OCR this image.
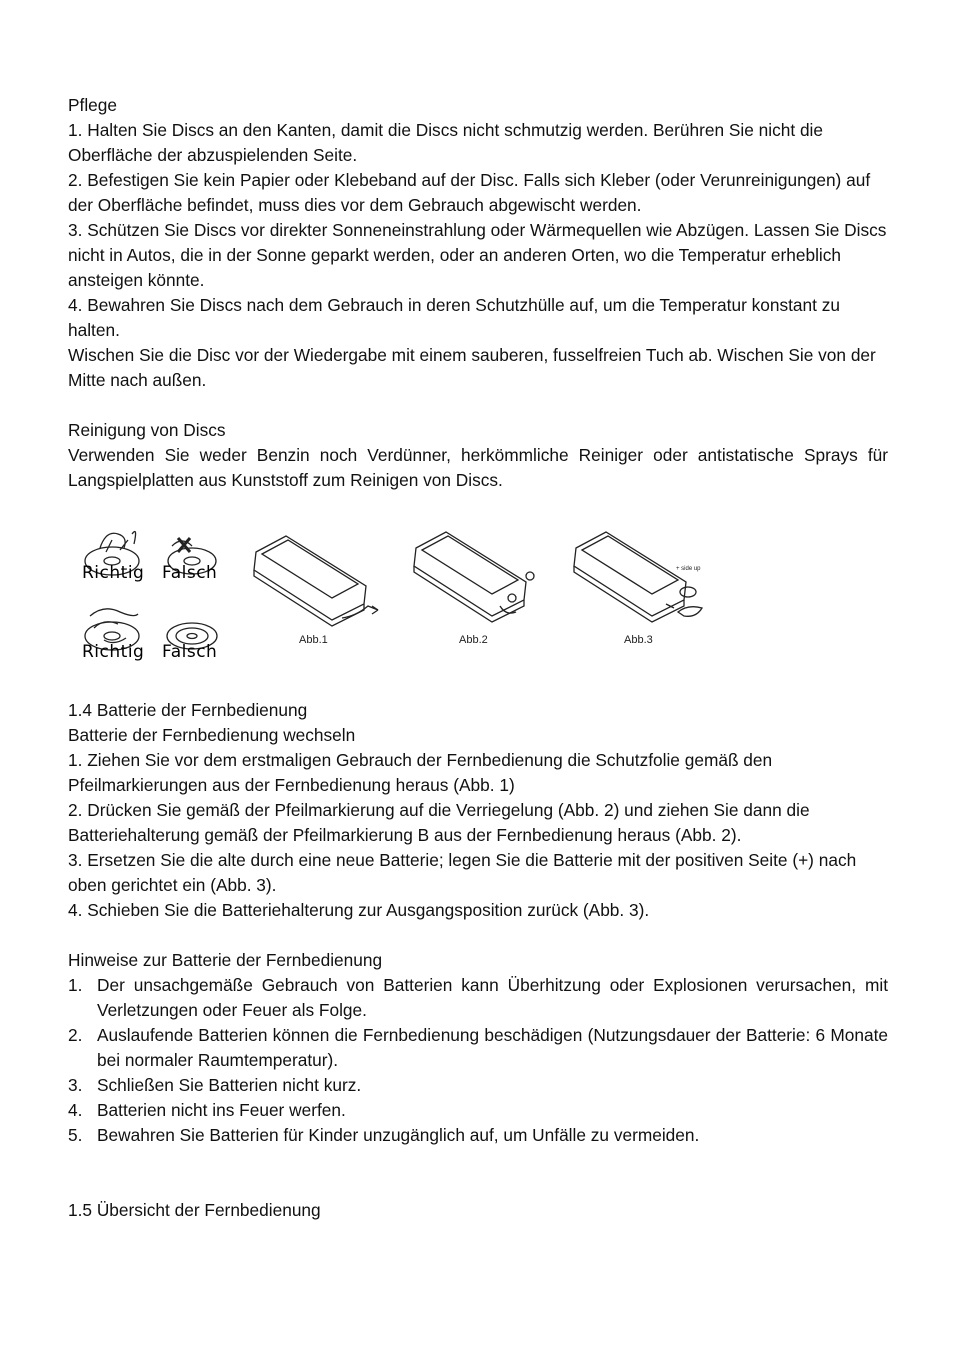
Pflege

1. Halten Sie Discs an den Kanten, damit die Discs nicht schmutzig werden. Berühren Sie nicht die Oberfläche der abzuspielenden Seite.

2. Befestigen Sie kein Papier oder Klebeband auf der Disc. Falls sich Kleber (oder Verunreinigungen) auf der Oberfläche befindet, muss dies vor dem Gebrauch abgewischt werden.

3. Schützen Sie Discs vor direkter Sonneneinstrahlung oder Wärmequellen wie Abzügen. Lassen Sie Discs nicht in Autos, die in der Sonne geparkt werden, oder an anderen Orten, wo die Temperatur erheblich ansteigen könnte.

4. Bewahren Sie Discs nach dem Gebrauch in deren Schutzhülle auf, um die Temperatur konstant zu halten.

Wischen Sie die Disc vor der Wiedergabe mit einem sauberen, fusselfreien Tuch ab. Wischen Sie von der Mitte nach außen.

Reinigung von Discs

Verwenden Sie weder Benzin noch Verdünner, herkömmliche Reiniger oder antistatische Sprays für Langspielplatten aus Kunststoff zum Reinigen von Discs.

Richtig Falsch
Richtig Falsch
Abb.1	Abb.2	Abb.3
+ side up

1.4 Batterie der Fernbedienung

Batterie der Fernbedienung wechseln

1. Ziehen Sie vor dem erstmaligen Gebrauch der Fernbedienung die Schutzfolie gemäß den Pfeilmarkierungen aus der Fernbedienung heraus (Abb. 1)

2. Drücken Sie gemäß der Pfeilmarkierung auf die Verriegelung (Abb. 2) und ziehen Sie dann die Batteriehalterung gemäß der Pfeilmarkierung B aus der Fernbedienung heraus (Abb. 2).

3. Ersetzen Sie die alte durch eine neue Batterie; legen Sie die Batterie mit der positiven Seite (+) nach oben gerichtet ein (Abb. 3).

4. Schieben Sie die Batteriehalterung zur Ausgangsposition zurück (Abb. 3).

Hinweise zur Batterie der Fernbedienung

1. Der unsachgemäße Gebrauch von Batterien kann Überhitzung oder Explosionen verursachen, mit Verletzungen oder Feuer als Folge.
2. Auslaufende Batterien können die Fernbedienung beschädigen (Nutzungsdauer der Batterie: 6 Monate bei normaler Raumtemperatur).
3. Schließen Sie Batterien nicht kurz.
4. Batterien nicht ins Feuer werfen.
5. Bewahren Sie Batterien für Kinder unzugänglich auf, um Unfälle zu vermeiden.

1.5 Übersicht der Fernbedienung
